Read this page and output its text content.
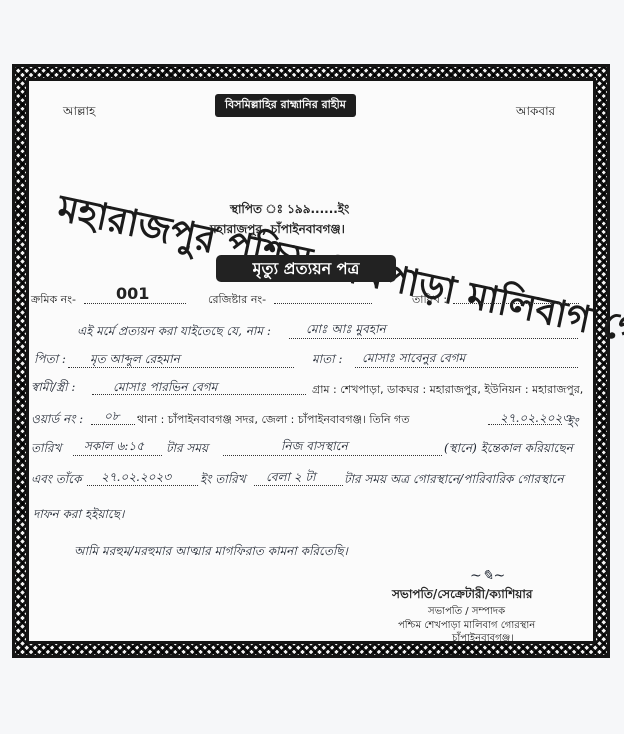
আল্লাহ	আকবার
বিসমিল্লাহির রাহ্মানির রাহীম
মহারাজপুর পশ্চিম মালিবাগ গোরস্থান
স্থাপিত ঃ ১৯৯......ইং
মহারাজপুর, চাঁপাইনবাবগঞ্জ।
মৃত্যু প্রত্যয়ন পত্র
ক্রমিক নং-	001	রেজিষ্টার নং-	তারিখ :
এই মর্মে প্রত্যয়ন করা যাইতেছে যে, নাম :	মোঃ আঃ মুবহান
পিতা : মৃত আব্দুল রেহমান	মাতা : মোসাঃ সাবেনুর বেগম
স্বামী/স্ত্রী :	মোসাঃ পারভিন বেগম	গ্রাম : শেখপাড়া, ডাকঘর : মহারাজপুর, ইউনিয়ন : মহারাজপুর,
ওয়ার্ড নং : ০৮ থানা : চাঁপাইনবাবগঞ্জ সদর, জেলা : চাঁপাইনবাবগঞ্জ। তিনি গত	২৭.০২.২০২৩
ইং
তারিখ সকাল ৬:১৫ টার সময়	নিজ বাসস্থানে	(স্থানে) ইন্তেকাল করিয়াছেন
এবং তাঁকে ২৭.০২.২০২৩ ইং তারিখ বেলা ২ টা টার সময় অত্র গোরস্থানে/পারিবারিক গোরস্থানে
দাফন করা হইয়াছে।
আমি মরহুম/মরহুমার আত্মার মাগফিরাত কামনা করিতেছি।
~✎~
সভাপতি/সেক্রেটারী/ক্যাশিয়ার
সভাপতি / সম্পাদক
পশ্চিম শেখপাড়া মালিবাগ গোরস্থান
চাঁপাইনবাবগঞ্জ।
